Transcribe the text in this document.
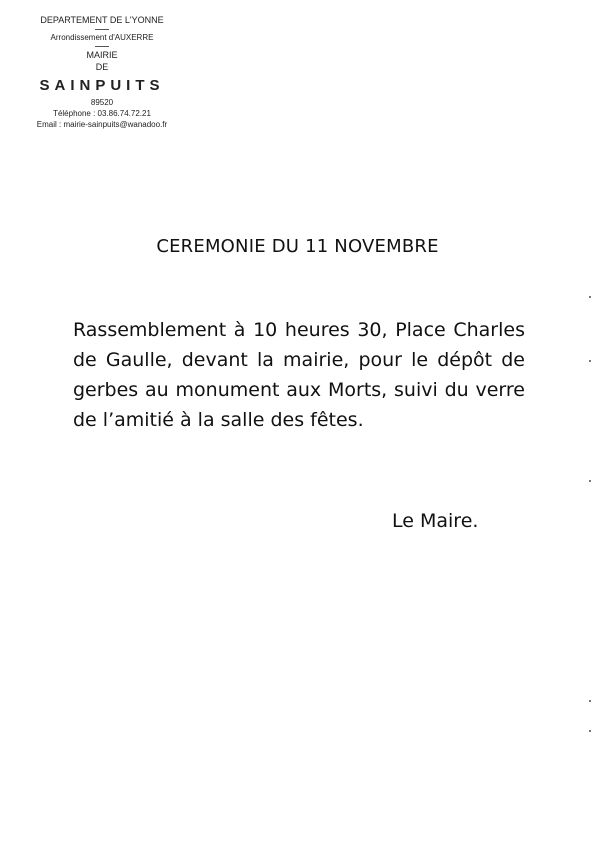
DEPARTEMENT DE L'YONNE
Arrondissement d'AUXERRE
MAIRIE
DE
SAINPUITS
89520
Téléphone : 03.86.74.72.21
Email : mairie-sainpuits@wanadoo.fr
CEREMONIE DU 11 NOVEMBRE
Rassemblement à 10 heures 30, Place Charles de Gaulle, devant la mairie, pour le dépôt de gerbes au monument aux Morts, suivi du verre de l’amitié à la salle des fêtes.
Le Maire.
